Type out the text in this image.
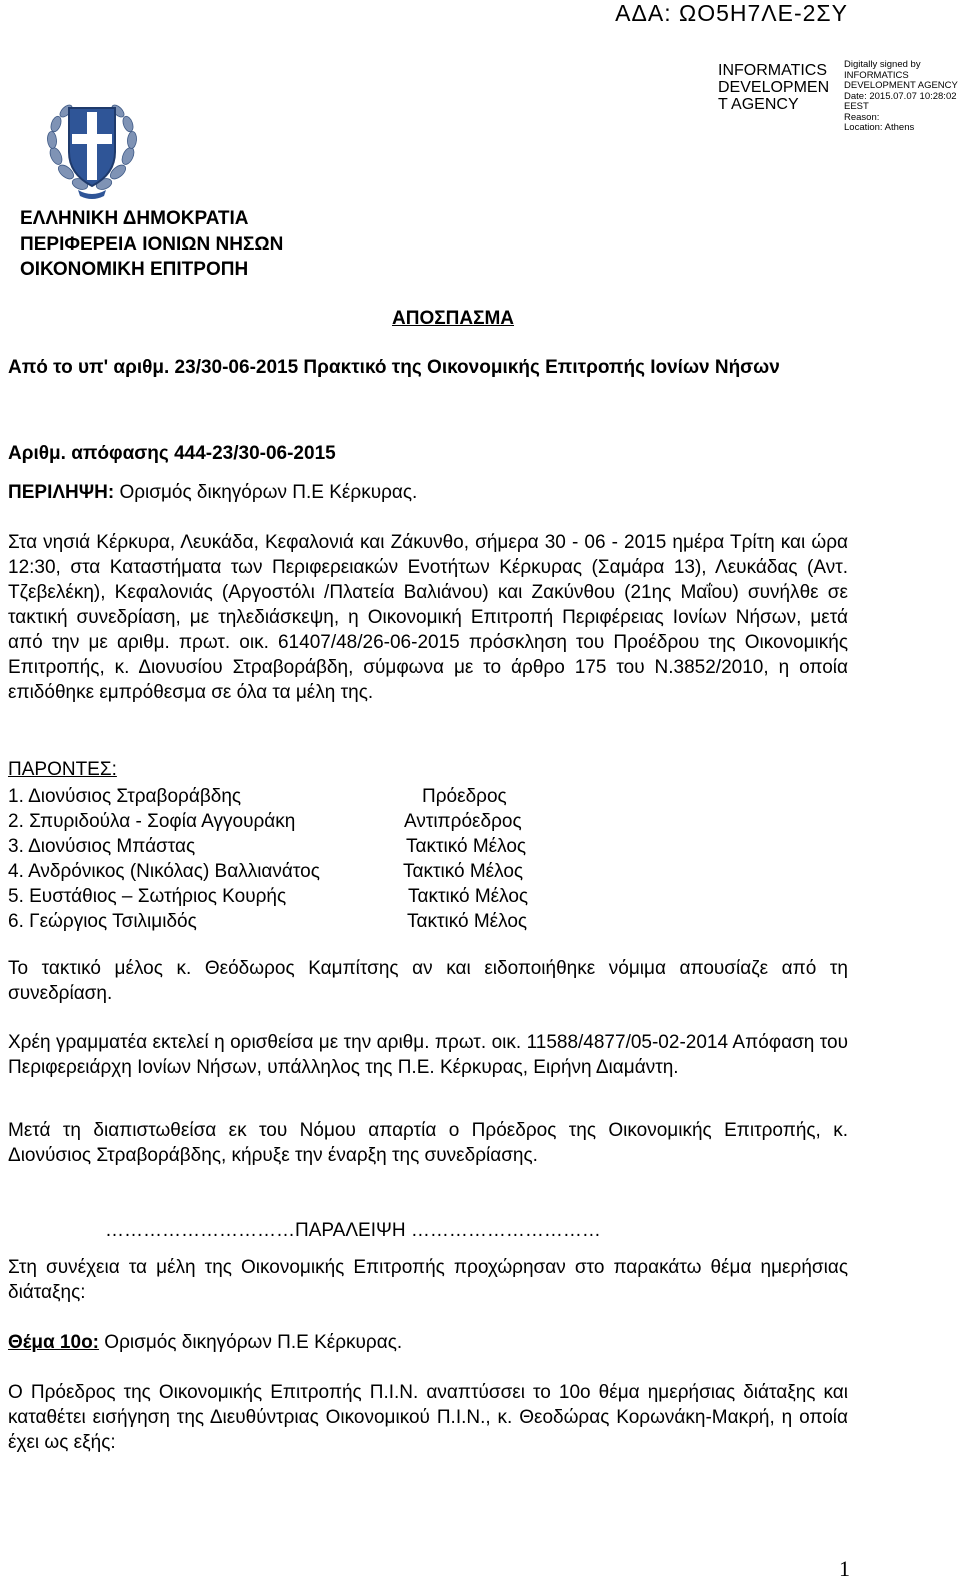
ΑΔΑ: ΩΟ5Η7ΛΕ-2ΣΥ
INFORMATICS
DEVELOPMEN
T AGENCY
Digitally signed by
INFORMATICS
DEVELOPMENT AGENCY
Date: 2015.07.07 10:28:02
EEST
Reason:
Location: Athens
ΕΛΛΗΝΙΚΗ ΔΗΜΟΚΡΑΤΙΑ
ΠΕΡΙΦΕΡΕΙΑ ΙΟΝΙΩΝ ΝΗΣΩΝ
ΟΙΚΟΝΟΜΙΚΗ ΕΠΙΤΡΟΠΗ
ΑΠΟΣΠΑΣΜΑ
Από το υπ' αριθμ. 23/30-06-2015 Πρακτικό της Οικονομικής Επιτροπής Ιονίων Νήσων
Αριθμ. απόφασης 444-23/30-06-2015
ΠΕΡΙΛΗΨΗ: Ορισμός δικηγόρων Π.Ε Κέρκυρας.
Στα νησιά Κέρκυρα, Λευκάδα, Κεφαλονιά και Ζάκυνθο, σήμερα 30 - 06 - 2015 ημέρα Τρίτη και ώρα 12:30, στα Καταστήματα των Περιφερειακών Ενοτήτων Κέρκυρας (Σαμάρα 13), Λευκάδας (Αντ. Τζεβελέκη), Κεφαλονιάς (Αργοστόλι /Πλατεία Βαλιάνου) και Ζακύνθου (21ης Μαΐου) συνήλθε σε τακτική συνεδρίαση, με τηλεδιάσκεψη, η Οικονομική Επιτροπή Περιφέρειας Ιονίων Νήσων, μετά από την με αριθμ. πρωτ. οικ. 61407/48/26-06-2015 πρόσκληση του Προέδρου της Οικονομικής Επιτροπής, κ. Διονυσίου Στραβοράβδη, σύμφωνα με το άρθρο 175 του Ν.3852/2010, η οποία επιδόθηκε εμπρόθεσμα σε όλα τα μέλη της.
ΠΑΡΟΝΤΕΣ:
1. Διονύσιος Στραβοράβδης	Πρόεδρος
2. Σπυριδούλα - Σοφία Αγγουράκη	Αντιπρόεδρος
3. Διονύσιος Μπάστας	Τακτικό Μέλος
4. Ανδρόνικος (Νικόλας) Βαλλιανάτος	Τακτικό Μέλος
5. Ευστάθιος – Σωτήριος Κουρής	Τακτικό Μέλος
6. Γεώργιος Τσιλιμιδός	Τακτικό Μέλος
Το τακτικό μέλος κ. Θεόδωρος Καμπίτσης αν και ειδοποιήθηκε νόμιμα απουσίαζε από τη συνεδρίαση.
Χρέη γραμματέα εκτελεί η ορισθείσα με την αριθμ. πρωτ. οικ. 11588/4877/05-02-2014 Απόφαση του Περιφερειάρχη Ιονίων Νήσων, υπάλληλος της Π.Ε. Κέρκυρας, Ειρήνη Διαμάντη.
Μετά τη διαπιστωθείσα εκ του Νόμου απαρτία ο Πρόεδρος της Οικονομικής Επιτροπής, κ. Διονύσιος Στραβοράβδης, κήρυξε την έναρξη της συνεδρίασης.
…………………………ΠΑΡΑΛΕΙΨΗ …………………………
Στη συνέχεια τα μέλη της Οικονομικής Επιτροπής προχώρησαν στο παρακάτω θέμα ημερήσιας διάταξης:
Θέμα 10ο: Ορισμός δικηγόρων Π.Ε Κέρκυρας.
Ο Πρόεδρος της Οικονομικής Επιτροπής Π.Ι.Ν. αναπτύσσει το 10ο θέμα ημερήσιας διάταξης και καταθέτει εισήγηση της Διευθύντριας Οικονομικού Π.Ι.Ν., κ. Θεοδώρας Κορωνάκη-Μακρή, η οποία έχει ως εξής:
1
